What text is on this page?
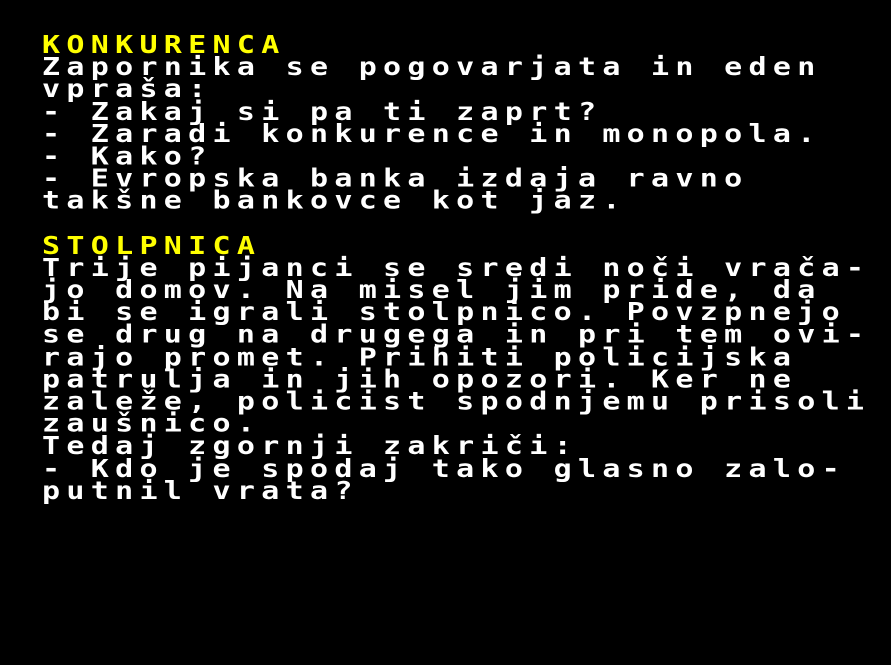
KONKURENCA
Zapornika se pogovarjata in eden
vpraša:
- Zakaj si pa ti zaprt?
- Zaradi konkurence in monopola.
- Kako?
- Evropska banka izdaja ravno
takšne bankovce kot jaz.
STOLPNICA
Trije pijanci se sredi noči vrača-
jo domov. Na misel jim pride, da
bi se igrali stolpnico. Povzpnejo
se drug na drugega in pri tem ovi-
rajo promet. Prihiti policijska
patrulja in jih opozori. Ker ne
zaleže, policist spodnjemu prisoli
zaušnico.
Tedaj zgornji zakriči:
- Kdo je spodaj tako glasno zalo-
putnil vrata?
